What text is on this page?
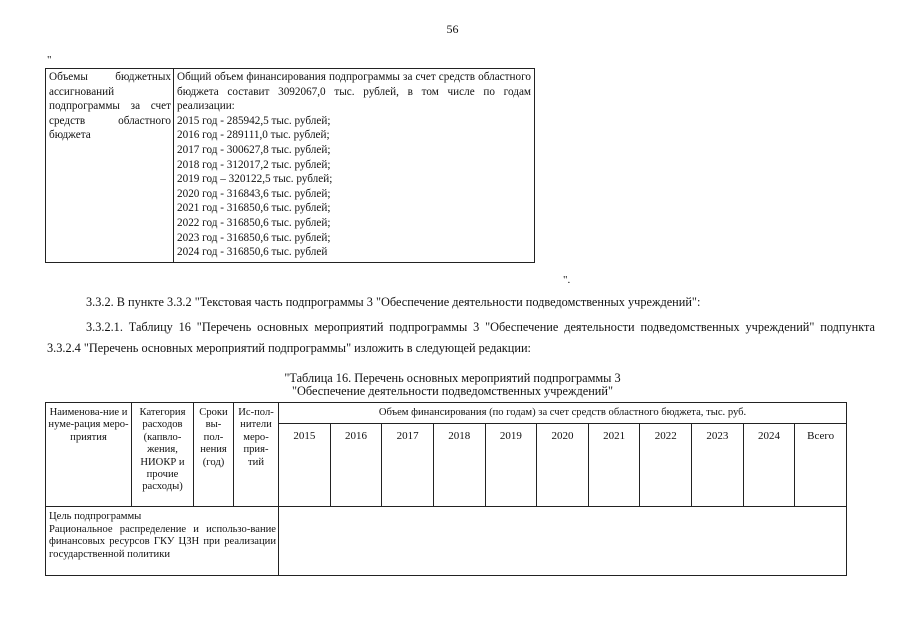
56
"
Объемы бюджетных ассигнований подпрограммы за счет средств областного бюджета	Общий объем финансирования подпрограммы за счет средств областного бюджета составит 3092067,0 тыс. рублей, в том числе по годам реализации:
2015 год - 285942,5 тыс. рублей;
2016 год - 289111,0 тыс. рублей;
2017 год - 300627,8 тыс. рублей;
2018 год - 312017,2 тыс. рублей;
2019 год – 320122,5 тыс. рублей;
2020 год - 316843,6 тыс. рублей;
2021 год - 316850,6 тыс. рублей;
2022 год - 316850,6 тыс. рублей;
2023 год - 316850,6 тыс. рублей;
2024 год - 316850,6 тыс. рублей
".
3.3.2. В пункте 3.3.2 "Текстовая часть подпрограммы 3 "Обеспечение деятельности подведомственных учреждений":
3.3.2.1. Таблицу 16 "Перечень основных мероприятий подпрограммы 3 "Обеспечение деятельности подведомственных учреждений" подпункта 3.3.2.4 "Перечень основных мероприятий подпрограммы" изложить в следующей редакции:
"Таблица 16. Перечень основных мероприятий подпрограммы 3
"Обеспечение деятельности подведомственных учреждений"
Наименова-ние и нуме-рация меро-приятия	Категория расходов (капвло-жения, НИОКР и прочие расходы)	Сроки вы-пол-нения (год)	Ис-пол-нители меро-прия-тий	Объем финансирования (по годам) за счет средств областного бюджета, тыс. руб.										
				2015	2016	2017	2018	2019	2020	2021	2022	2023	2024	Всего

Цель подпрограммы
Рациональное распределение и использо-вание финансовых ресурсов ГКУ ЦЗН при реализации государственной политики														
